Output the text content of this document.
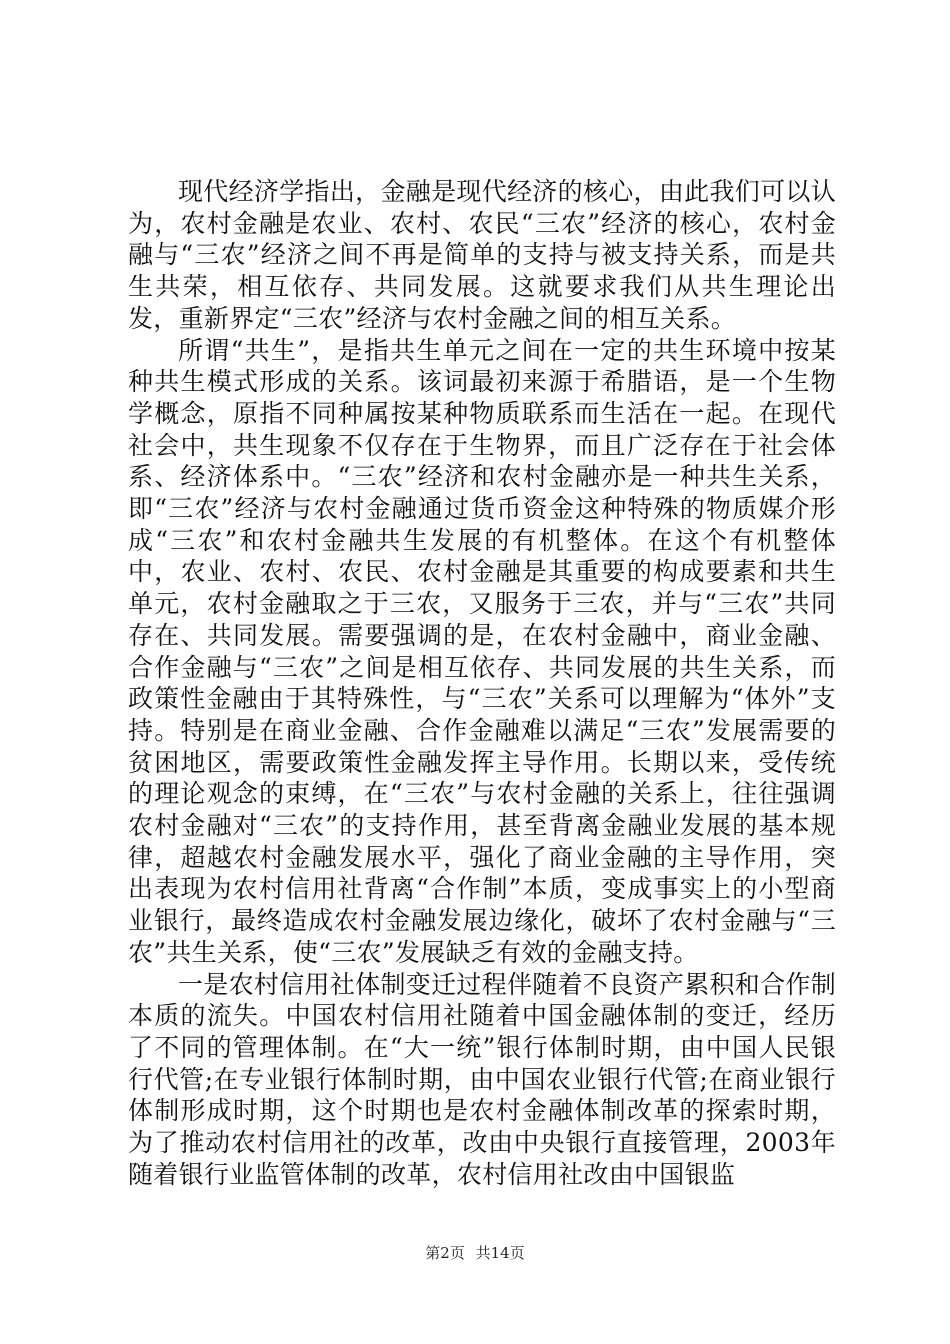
现代经济学指出，金融是现代经济的核心，由此我们可以认为，农村金融是农业、农村、农民“三农”经济的核心，农村金融与“三农”经济之间不再是简单的支持与被支持关系，而是共生共荣，相互依存、共同发展。这就要求我们从共生理论出发，重新界定“三农”经济与农村金融之间的相互关系。

所谓“共生”，是指共生单元之间在一定的共生环境中按某种共生模式形成的关系。该词最初来源于希腊语，是一个生物学概念，原指不同种属按某种物质联系而生活在一起。在现代社会中，共生现象不仅存在于生物界，而且广泛存在于社会体系、经济体系中。“三农”经济和农村金融亦是一种共生关系，即“三农”经济与农村金融通过货币资金这种特殊的物质媒介形成“三农”和农村金融共生发展的有机整体。在这个有机整体中，农业、农村、农民、农村金融是其重要的构成要素和共生单元，农村金融取之于三农，又服务于三农，并与“三农”共同存在、共同发展。需要强调的是，在农村金融中，商业金融、合作金融与“三农”之间是相互依存、共同发展的共生关系，而政策性金融由于其特殊性，与“三农”关系可以理解为“体外”支持。特别是在商业金融、合作金融难以满足“三农”发展需要的贫困地区，需要政策性金融发挥主导作用。长期以来，受传统的理论观念的束缚，在“三农”与农村金融的关系上，往往强调农村金融对“三农”的支持作用，甚至背离金融业发展的基本规律，超越农村金融发展水平，强化了商业金融的主导作用，突出表现为农村信用社背离“合作制”本质，变成事实上的小型商业银行，最终造成农村金融发展边缘化，破坏了农村金融与“三农”共生关系，使“三农”发展缺乏有效的金融支持。

一是农村信用社体制变迁过程伴随着不良资产累积和合作制本质的流失。中国农村信用社随着中国金融体制的变迁，经历了不同的管理体制。在“大一统”银行体制时期，由中国人民银行代管;在专业银行体制时期，由中国农业银行代管;在商业银行体制形成时期，这个时期也是农村金融体制改革的探索时期，为了推动农村信用社的改革，改由中央银行直接管理，2003年随着银行业监管体制的改革，农村信用社改由中国银监

第2页 共14页
